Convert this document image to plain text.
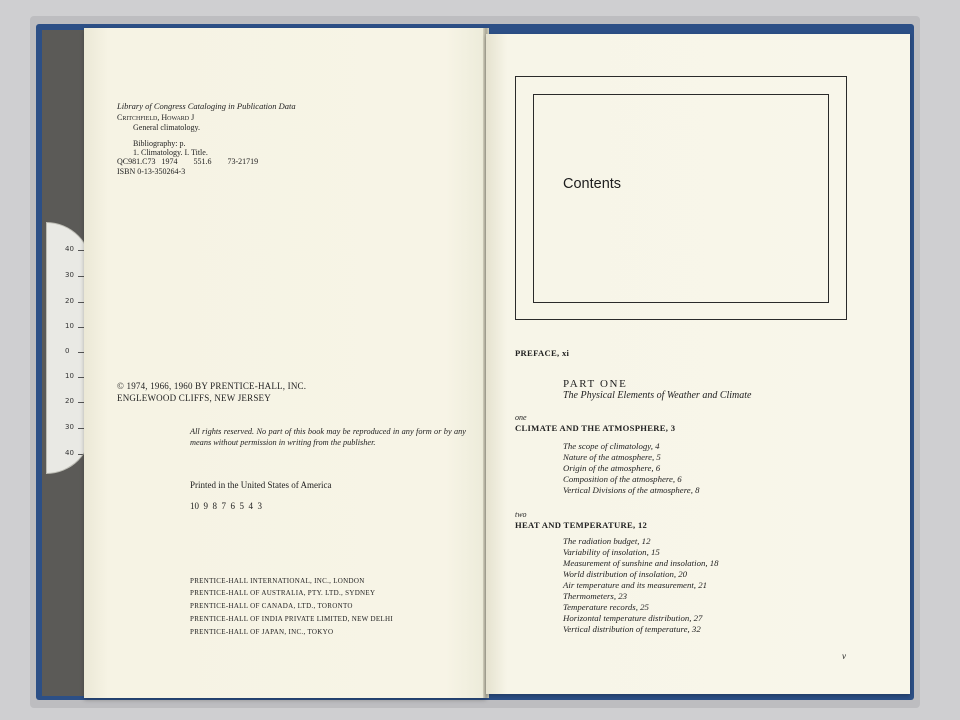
40
30
20
10
0
10
20
30
40
Library of Congress Cataloging in Publication Data
Critchfield, Howard J
General climatology.
Bibliography: p.
1. Climatology. I. Title.
QC981.C73   1974        551.6        73-21719
ISBN 0-13-350264-3
© 1974, 1966, 1960 BY PRENTICE-HALL, INC.
ENGLEWOOD CLIFFS, NEW JERSEY
All rights reserved. No part of this book may be reproduced in any form or by any means without permission in writing from the publisher.
Printed in the United States of America
10  9  8  7  6  5  4  3
PRENTICE-HALL INTERNATIONAL, INC., LONDON
PRENTICE-HALL OF AUSTRALIA, PTY. LTD., SYDNEY
PRENTICE-HALL OF CANADA, LTD., TORONTO
PRENTICE-HALL OF INDIA PRIVATE LIMITED, NEW DELHI
PRENTICE-HALL OF JAPAN, INC., TOKYO
Contents
PREFACE, xi
PART ONE
The Physical Elements of Weather and Climate
one
CLIMATE AND THE ATMOSPHERE, 3
The scope of climatology, 4
Nature of the atmosphere, 5
Origin of the atmosphere, 6
Composition of the atmosphere, 6
Vertical Divisions of the atmosphere, 8
two
HEAT AND TEMPERATURE, 12
The radiation budget, 12
Variability of insolation, 15
Measurement of sunshine and insolation, 18
World distribution of insolation, 20
Air temperature and its measurement, 21
Thermometers, 23
Temperature records, 25
Horizontal temperature distribution, 27
Vertical distribution of temperature, 32
v
